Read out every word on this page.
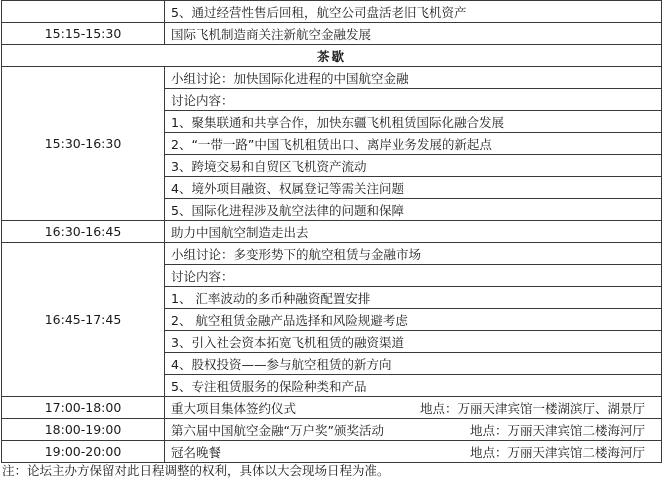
	5、通过经营性售后回租，航空公司盘活老旧飞机资产
15:15-15:30	国际飞机制造商关注新航空金融发展
茶歇	
15:30-16:30	小组讨论：加快国际化进程的中国航空金融
	讨论内容：
	1、聚集联通和共享合作，加快东疆飞机租赁国际化融合发展
	2、“一带一路”中国飞机租赁出口、离岸业务发展的新起点
	3、跨境交易和自贸区飞机资产流动
	4、境外项目融资、权属登记等需关注问题
	5、国际化进程涉及航空法律的问题和保障
16:30-16:45	助力中国航空制造走出去
16:45-17:45	小组讨论：多变形势下的航空租赁与金融市场
	讨论内容：
	1、 汇率波动的多币种融资配置安排
	2、 航空租赁金融产品选择和风险规避考虑
	3、引入社会资本拓宽飞机租赁的融资渠道
	4、股权投资——参与航空租赁的新方向
	5、专注租赁服务的保险种类和产品
17:00-18:00	重大项目集体签约仪式 地点：万丽天津宾馆一楼湖滨厅、湖景厅

18:00-19:00	第六届中国航空金融“万户奖”颁奖活动 地点：万丽天津宾馆二楼海河厅

19:00-20:00	冠名晚餐 地点：万丽天津宾馆二楼海河厅
注：论坛主办方保留对此日程调整的权利，具体以大会现场日程为准。
